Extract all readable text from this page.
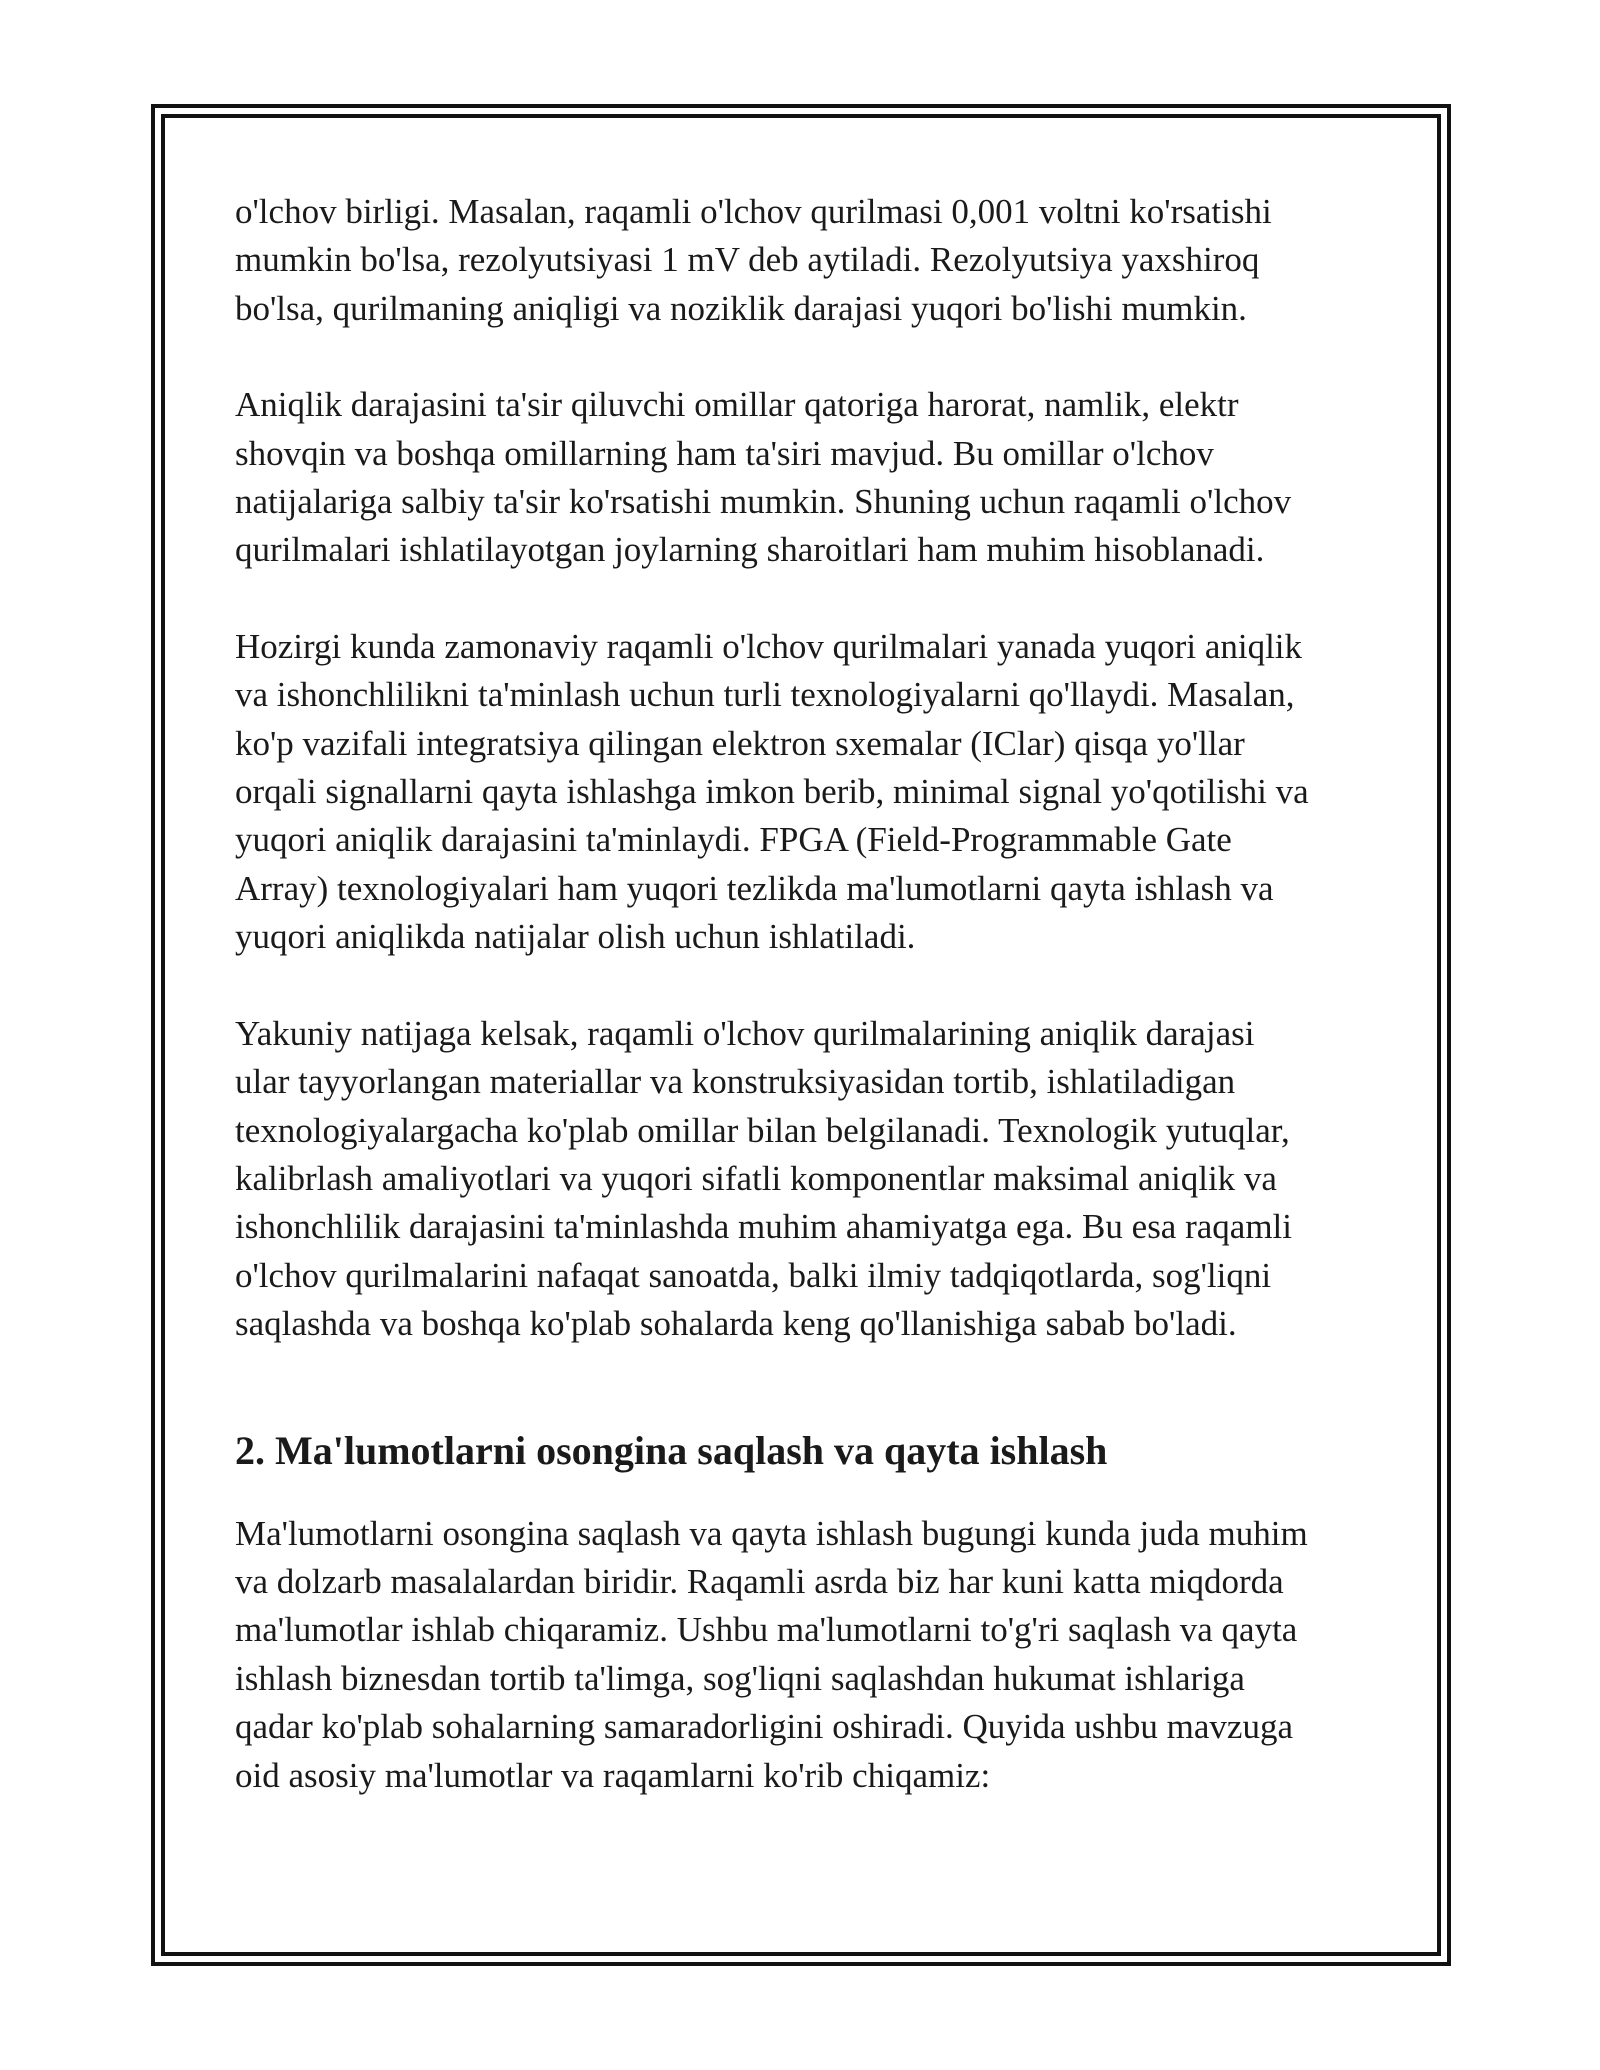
o'lchov birligi. Masalan, raqamli o'lchov qurilmasi 0,001 voltni ko'rsatishi
mumkin bo'lsa, rezolyutsiyasi 1 mV deb aytiladi. Rezolyutsiya yaxshiroq
bo'lsa, qurilmaning aniqligi va noziklik darajasi yuqori bo'lishi mumkin.

Aniqlik darajasini ta'sir qiluvchi omillar qatoriga harorat, namlik, elektr
shovqin va boshqa omillarning ham ta'siri mavjud. Bu omillar o'lchov
natijalariga salbiy ta'sir ko'rsatishi mumkin. Shuning uchun raqamli o'lchov
qurilmalari ishlatilayotgan joylarning sharoitlari ham muhim hisoblanadi.

Hozirgi kunda zamonaviy raqamli o'lchov qurilmalari yanada yuqori aniqlik
va ishonchlilikni ta'minlash uchun turli texnologiyalarni qo'llaydi. Masalan,
ko'p vazifali integratsiya qilingan elektron sxemalar (IClar) qisqa yo'llar
orqali signallarni qayta ishlashga imkon berib, minimal signal yo'qotilishi va
yuqori aniqlik darajasini ta'minlaydi. FPGA (Field-Programmable Gate
Array) texnologiyalari ham yuqori tezlikda ma'lumotlarni qayta ishlash va
yuqori aniqlikda natijalar olish uchun ishlatiladi.

Yakuniy natijaga kelsak, raqamli o'lchov qurilmalarining aniqlik darajasi
ular tayyorlangan materiallar va konstruksiyasidan tortib, ishlatiladigan
texnologiyalargacha ko'plab omillar bilan belgilanadi. Texnologik yutuqlar,
kalibrlash amaliyotlari va yuqori sifatli komponentlar maksimal aniqlik va
ishonchlilik darajasini ta'minlashda muhim ahamiyatga ega. Bu esa raqamli
o'lchov qurilmalarini nafaqat sanoatda, balki ilmiy tadqiqotlarda, sog'liqni
saqlashda va boshqa ko'plab sohalarda keng qo'llanishiga sabab bo'ladi.

2. Ma'lumotlarni osongina saqlash va qayta ishlash

Ma'lumotlarni osongina saqlash va qayta ishlash bugungi kunda juda muhim
va dolzarb masalalardan biridir. Raqamli asrda biz har kuni katta miqdorda
ma'lumotlar ishlab chiqaramiz. Ushbu ma'lumotlarni to'g'ri saqlash va qayta
ishlash biznesdan tortib ta'limga, sog'liqni saqlashdan hukumat ishlariga
qadar ko'plab sohalarning samaradorligini oshiradi. Quyida ushbu mavzuga
oid asosiy ma'lumotlar va raqamlarni ko'rib chiqamiz:
